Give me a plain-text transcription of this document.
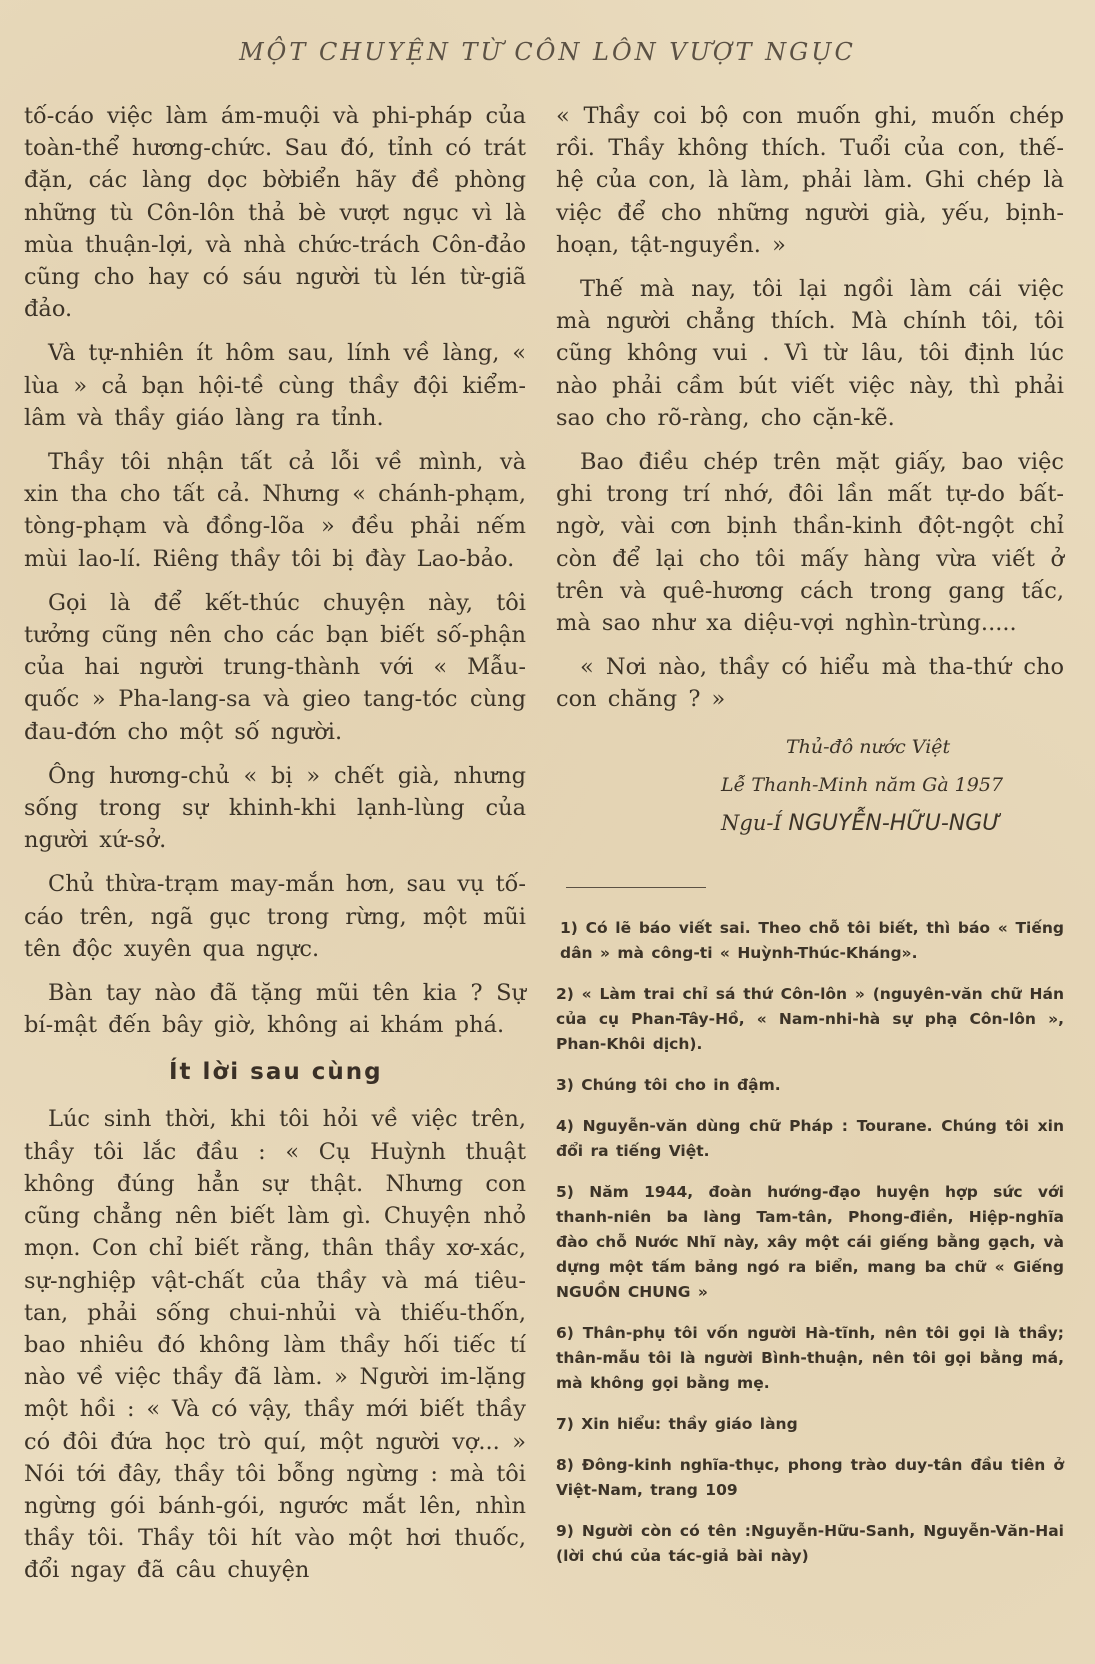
MỘT CHUYỆN TỪ CÔN LÔN VƯỢT NGỤC

tố-cáo việc làm ám-muội và phi-pháp của toàn-thể hương-chức. Sau đó, tỉnh có trát đặn, các làng dọc bờbiển hãy đề phòng những tù Côn-lôn thả bè vượt ngục vì là mùa thuận-lợi, và nhà chức-trách Côn-đảo cũng cho hay có sáu người tù lén từ-giã đảo.

Và tự-nhiên ít hôm sau, lính về làng, « lùa » cả bạn hội-tề cùng thầy đội kiểm-lâm và thầy giáo làng ra tỉnh.

Thầy tôi nhận tất cả lỗi về mình, và xin tha cho tất cả. Nhưng « chánh-phạm, tòng-phạm và đồng-lõa » đều phải nếm mùi lao-lí. Riêng thầy tôi bị đày Lao-bảo.

Gọi là để kết-thúc chuyện này, tôi tưởng cũng nên cho các bạn biết số-phận của hai người trung-thành với « Mẫu-quốc » Pha-lang-sa và gieo tang-tóc cùng đau-đớn cho một số người.

Ông hương-chủ « bị » chết già, nhưng sống trong sự khinh-khi lạnh-lùng của người xứ-sở.

Chủ thừa-trạm may-mắn hơn, sau vụ tố-cáo trên, ngã gục trong rừng, một mũi tên độc xuyên qua ngực.

Bàn tay nào đã tặng mũi tên kia ? Sự bí-mật đến bây giờ, không ai khám phá.

Ít lời sau cùng

Lúc sinh thời, khi tôi hỏi về việc trên, thầy tôi lắc đầu : « Cụ Huỳnh thuật không đúng hẳn sự thật. Nhưng con cũng chẳng nên biết làm gì. Chuyện nhỏ mọn. Con chỉ biết rằng, thân thầy xơ-xác, sự-nghiệp vật-chất của thầy và má tiêu-tan, phải sống chui-nhủi và thiếu-thốn, bao nhiêu đó không làm thầy hối tiếc tí nào về việc thầy đã làm. » Người im-lặng một hồi : « Và có vậy, thầy mới biết thầy có đôi đứa học trò quí, một người vợ... » Nói tới đây, thầy tôi bỗng ngừng : mà tôi ngừng gói bánh-gói, ngước mắt lên, nhìn thầy tôi. Thầy tôi hít vào một hơi thuốc, đổi ngay đã câu chuyện

« Thầy coi bộ con muốn ghi, muốn chép rồi. Thầy không thích. Tuổi của con, thế-hệ của con, là làm, phải làm. Ghi chép là việc để cho những người già, yếu, bịnh-hoạn, tật-nguyền. »

Thế mà nay, tôi lại ngồi làm cái việc mà người chẳng thích. Mà chính tôi, tôi cũng không vui . Vì từ lâu, tôi định lúc nào phải cầm bút viết việc này, thì phải sao cho rõ-ràng, cho cặn-kẽ.

Bao điều chép trên mặt giấy, bao việc ghi trong trí nhớ, đôi lần mất tự-do bất-ngờ, vài cơn bịnh thần-kinh đột-ngột chỉ còn để lại cho tôi mấy hàng vừa viết ở trên và quê-hương cách trong gang tấc, mà sao như xa diệu-vợi nghìn-trùng.....

« Nơi nào, thầy có hiểu mà tha-thứ cho con chăng ? »

Thủ-đô nước Việt

Lễ Thanh-Minh năm Gà 1957

Ngu-Í NGUYỄN-HỮU-NGƯ

1) Có lẽ báo viết sai. Theo chỗ tôi biết, thì báo « Tiếng dân » mà công-ti « Huỳnh-Thúc-Kháng».

2) « Làm trai chỉ sá thứ Côn-lôn » (nguyên-văn chữ Hán của cụ Phan-Tây-Hồ, « Nam-nhi-hà sự phạ Côn-lôn », Phan-Khôi dịch).

3) Chúng tôi cho in đậm.

4) Nguyễn-văn dùng chữ Pháp : Tourane. Chúng tôi xin đổi ra tiếng Việt.

5) Năm 1944, đoàn hướng-đạo huyện hợp sức với thanh-niên ba làng Tam-tân, Phong-điền, Hiệp-nghĩa đào chỗ Nước Nhĩ này, xây một cái giếng bằng gạch, và dựng một tấm bảng ngó ra biển, mang ba chữ « Giếng NGUỒN CHUNG »

6) Thân-phụ tôi vốn người Hà-tĩnh, nên tôi gọi là thầy; thân-mẫu tôi là người Bình-thuận, nên tôi gọi bằng má, mà không gọi bằng mẹ.

7) Xin hiểu: thầy giáo làng

8) Đông-kinh nghĩa-thục, phong trào duy-tân đầu tiên ở Việt-Nam, trang 109

9) Người còn có tên :Nguyễn-Hữu-Sanh, Nguyễn-Văn-Hai (lời chú của tác-giả bài này)
